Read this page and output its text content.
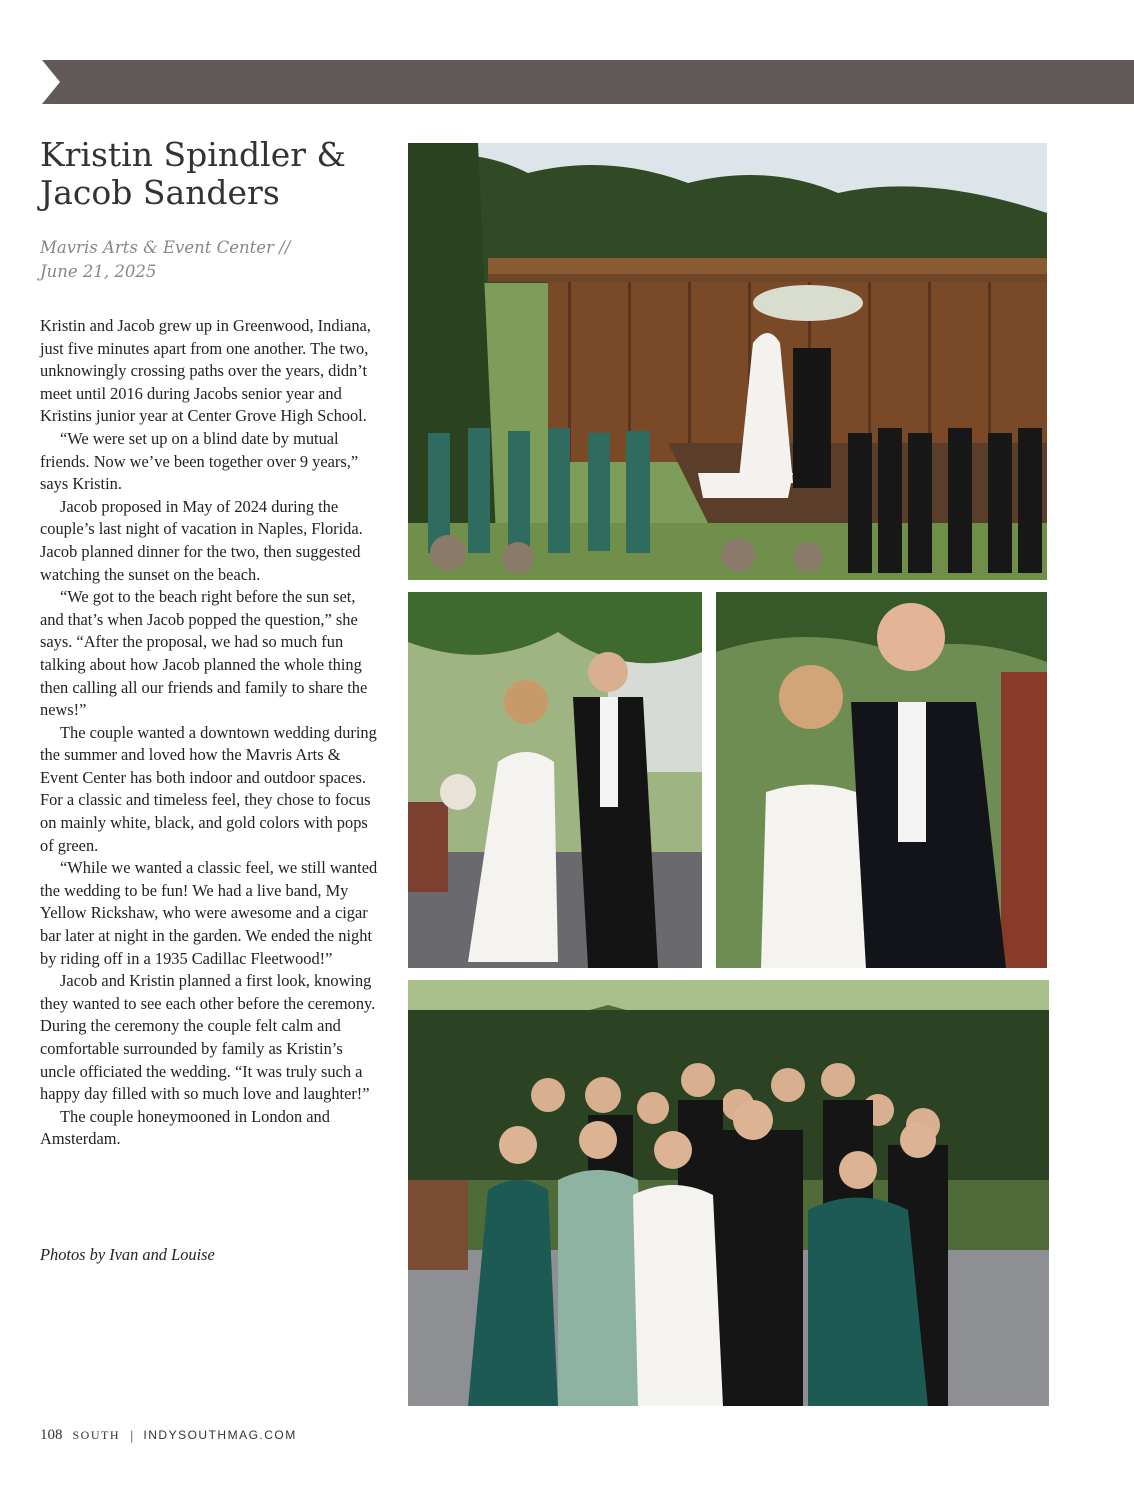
Kristin Spindler & Jacob Sanders
Mavris Arts & Event Center //
June 21, 2025

Kristin and Jacob grew up in Greenwood, Indiana, just five minutes apart from one another. The two, unknowingly crossing paths over the years, didn’t meet until 2016 during Jacobs senior year and Kristins junior year at Center Grove High School.

“We were set up on a blind date by mutual friends. Now we’ve been together over 9 years,” says Kristin.

Jacob proposed in May of 2024 during the couple’s last night of vacation in Naples, Florida. Jacob planned dinner for the two, then suggested watching the sunset on the beach.

“We got to the beach right before the sun set, and that’s when Jacob popped the question,” she says. “After the proposal, we had so much fun talking about how Jacob planned the whole thing then calling all our friends and family to share the news!”

The couple wanted a downtown wedding during the summer and loved how the Mavris Arts & Event Center has both indoor and outdoor spaces. For a classic and timeless feel, they chose to focus on mainly white, black, and gold colors with pops of green.

“While we wanted a classic feel, we still wanted the wedding to be fun! We had a live band, My Yellow Rickshaw, who were awesome and a cigar bar later at night in the garden. We ended the night by riding off in a 1935 Cadillac Fleetwood!”

Jacob and Kristin planned a first look, knowing they wanted to see each other before the ceremony. During the ceremony the couple felt calm and comfortable surrounded by family as Kristin’s uncle officiated the wedding. “It was truly such a happy day filled with so much love and laughter!”

The couple honeymooned in London and Amsterdam.

Photos by Ivan and Louise
108 SOUTH | INDYSOUTHMAG.COM
